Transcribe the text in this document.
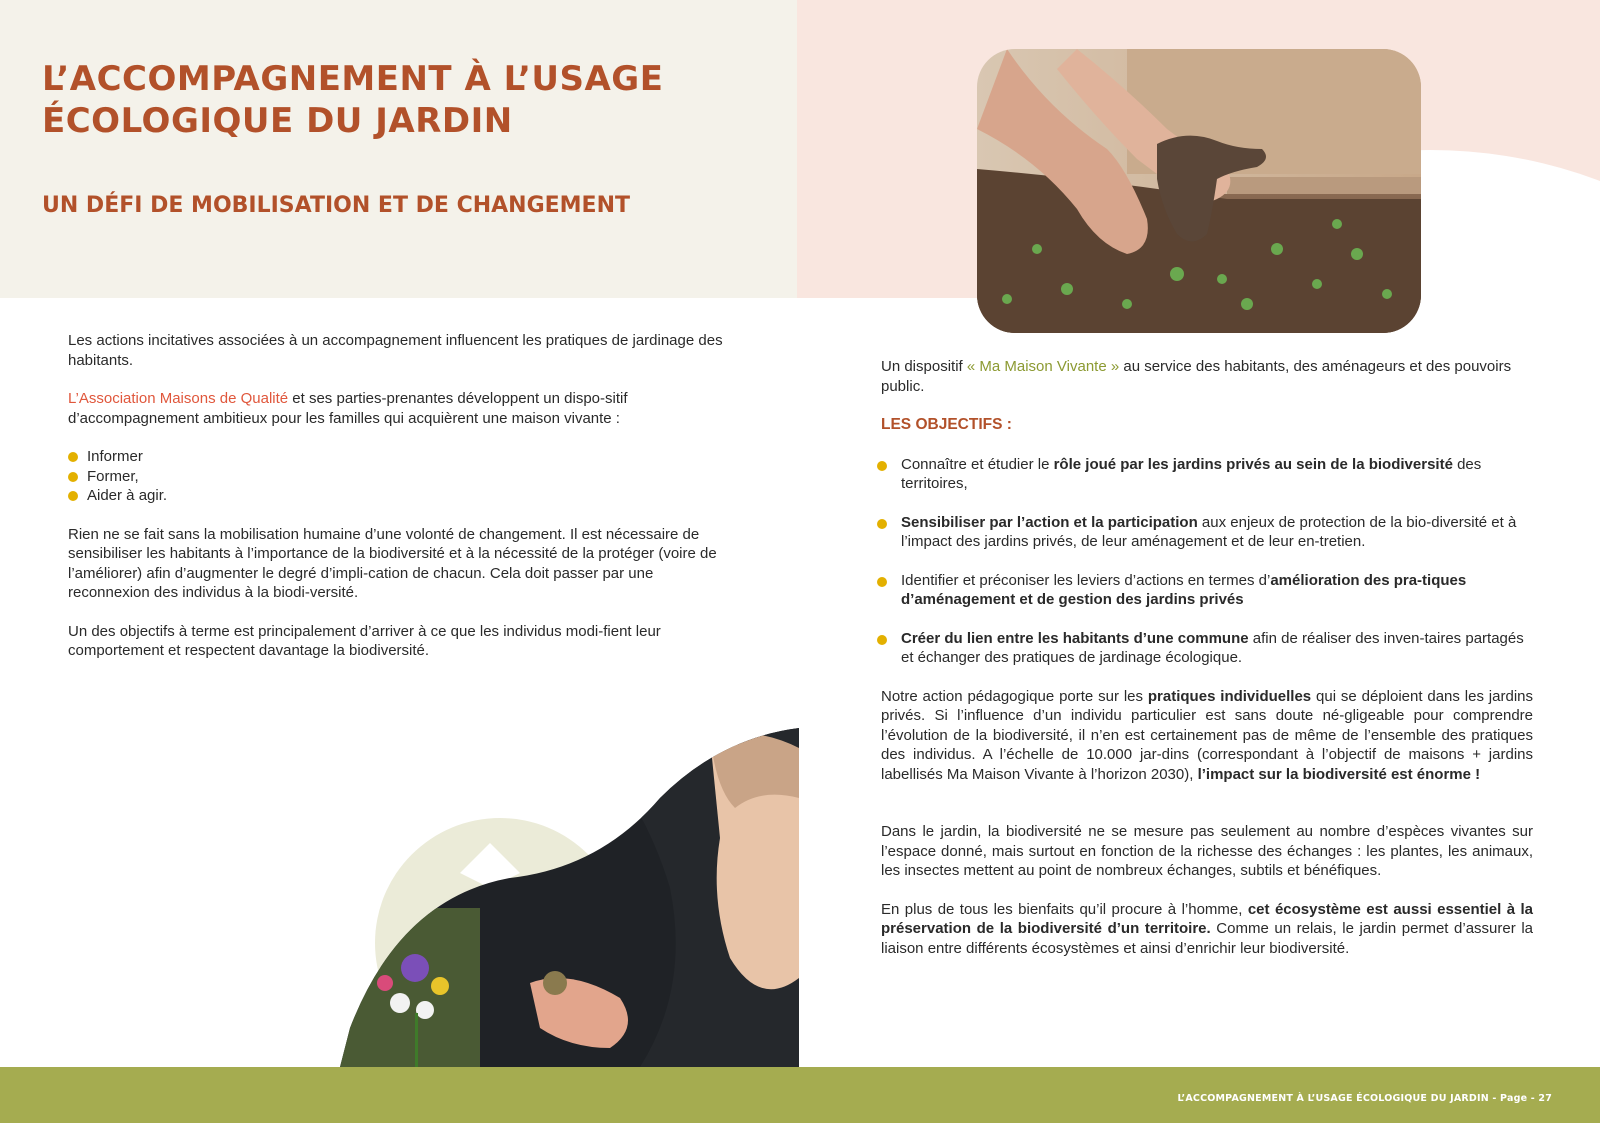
L’ACCOMPAGNEMENT À L’USAGE
ÉCOLOGIQUE DU JARDIN
UN DÉFI DE MOBILISATION ET DE CHANGEMENT

Les actions incitatives associées à un accompagnement influencent les pratiques de jardinage des habitants.

L’Association Maisons de Qualité et ses parties-prenantes développent un dispo-sitif d’accompagnement ambitieux pour les familles qui acquièrent une maison vivante :

Informer
Former,
Aider à agir.

Rien ne se fait sans la mobilisation humaine d’une volonté de changement. Il est nécessaire de sensibiliser les habitants à l’importance de la biodiversité et à la nécessité de la protéger (voire de l’améliorer) afin d’augmenter le degré d’impli-cation de chacun. Cela doit passer par une reconnexion des individus à la biodi-versité.

Un des objectifs à terme est principalement d’arriver à ce que les individus modi-fient leur comportement et respectent davantage la biodiversité.

Un dispositif « Ma Maison Vivante » au service des habitants, des aménageurs et des pouvoirs public.

LES OBJECTIFS :
Connaître et étudier le rôle joué par les jardins privés au sein de la biodiversité des territoires,
Sensibiliser par l’action et la participation aux enjeux de protection de la bio-diversité et à l’impact des jardins privés, de leur aménagement et de leur en-tretien.
Identifier et préconiser les leviers d’actions en termes d’amélioration des pra-tiques d’aménagement et de gestion des jardins privés
Créer du lien entre les habitants d’une commune afin de réaliser des inven-taires partagés et échanger des pratiques de jardinage écologique.

Notre action pédagogique porte sur les pratiques individuelles qui se déploient dans les jardins privés. Si l’influence d’un individu particulier est sans doute né-gligeable pour comprendre l’évolution de la biodiversité, il n’en est certainement pas de même de l’ensemble des pratiques des individus. A l’échelle de 10.000 jar-dins (correspondant à l’objectif de maisons + jardins labellisés Ma Maison Vivante à l’horizon 2030), l’impact sur la biodiversité est énorme !

Dans le jardin, la biodiversité ne se mesure pas seulement au nombre d’espèces vivantes sur l’espace donné, mais surtout en fonction de la richesse des échanges : les plantes, les animaux, les insectes mettent au point de nombreux échanges, subtils et bénéfiques.

En plus de tous les bienfaits qu’il procure à l’homme, cet écosystème est aussi essentiel à la préservation de la biodiversité d’un territoire. Comme un relais, le jardin permet d’assurer la liaison entre différents écosystèmes et ainsi d’enrichir leur biodiversité.

L’ACCOMPAGNEMENT À L’USAGE ÉCOLOGIQUE DU JARDIN - Page - 27
